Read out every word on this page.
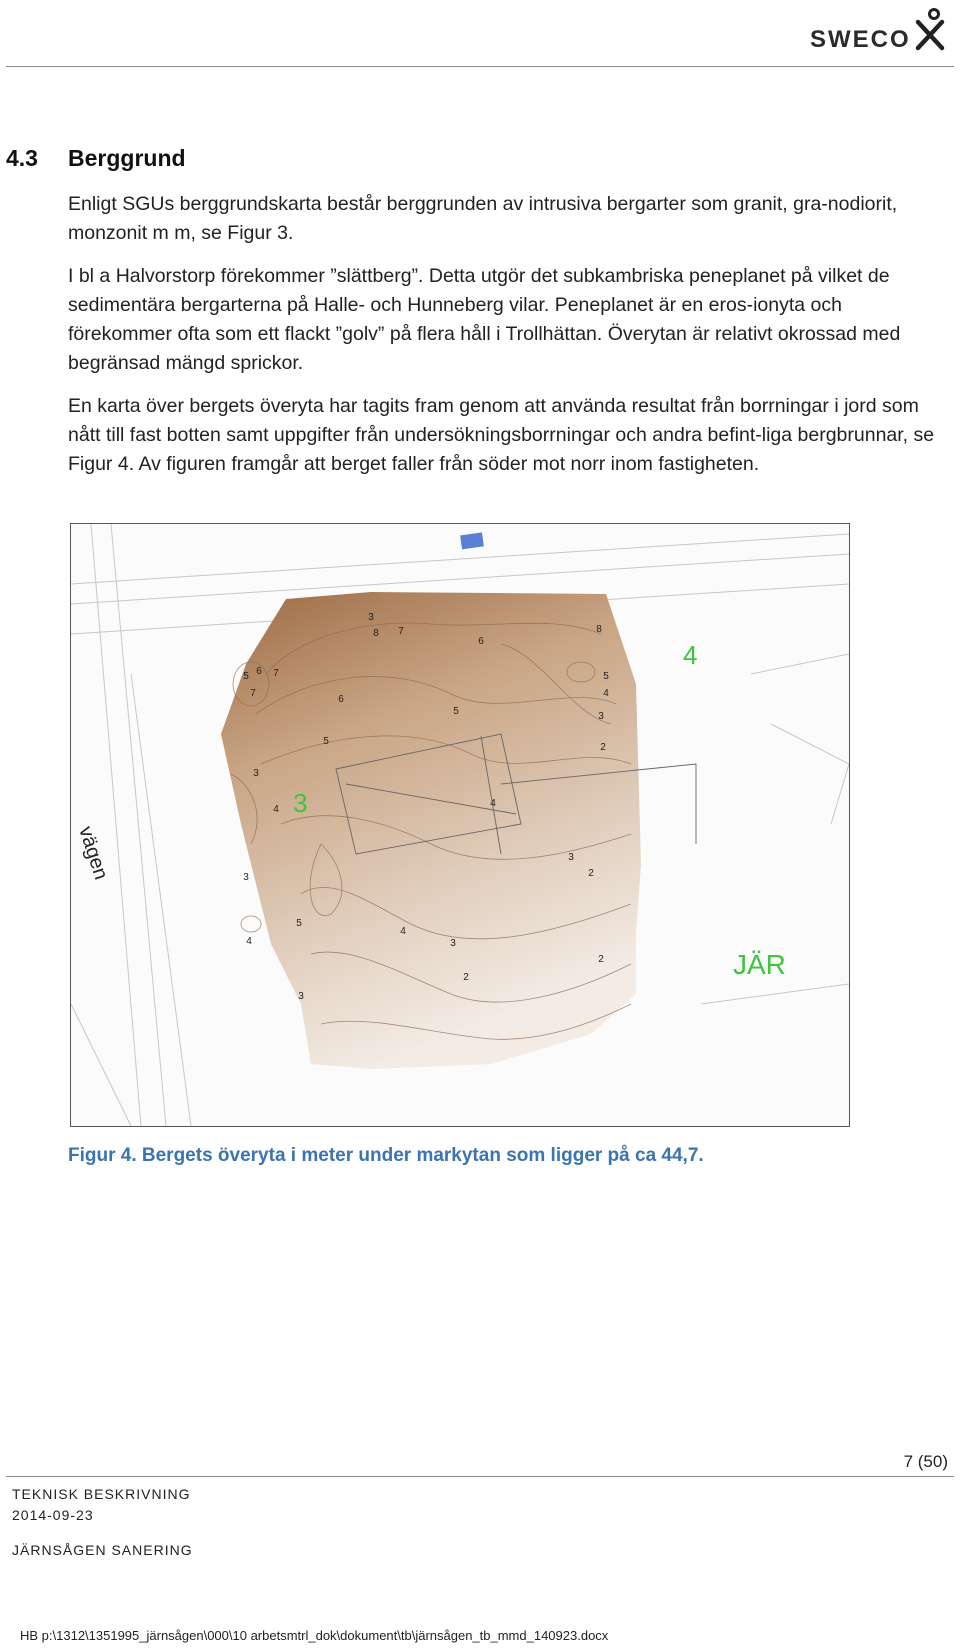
SWECO
4.3 Berggrund
Enligt SGUs berggrundskarta består berggrunden av intrusiva bergarter som granit, gra-nodiorit, monzonit m m, se Figur 3.
I bl a Halvorstorp förekommer ”slättberg”. Detta utgör det subkambriska peneplanet på vilket de sedimentära bergarterna på Halle- och Hunneberg vilar. Peneplanet är en eros-ionyta och förekommer ofta som ett flackt ”golv” på flera håll i Trollhättan. Överytan är relativt okrossad med begränsad mängd sprickor.
En karta över bergets överyta har tagits fram genom att använda resultat från borrningar i jord som nått till fast botten samt uppgifter från undersökningsborrningar och andra befint-liga bergbrunnar, se Figur 4. Av figuren framgår att berget faller från söder mot norr inom fastigheten.
8 7
6
8
5 6 7
7
6
5
5
4
5
3
2
4
3
3
4
3	2
3
5
4
4
3
2
2
3
4
3
JÄR
vägen
Figur 4. Bergets överyta i meter under markytan som ligger på ca 44,7.
7 (50)
TEKNISK BESKRIVNING
2014-09-23
JÄRNSÅGEN SANERING
HB p:\1312\1351995_järnsågen\000\10 arbetsmtrl_dok\dokument\tb\järnsågen_tb_mmd_140923.docx
